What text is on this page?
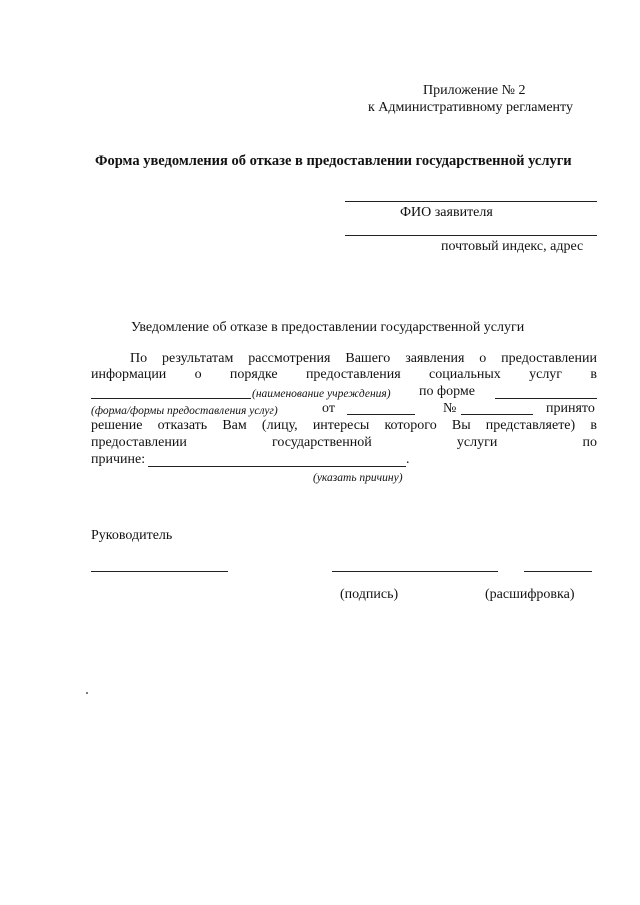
Приложение № 2
к Административному регламенту
Форма уведомления об отказе в предоставлении государственной услуги
ФИО заявителя
почтовый индекс, адрес
Уведомление об отказе в предоставлении государственной услуги
По результатам рассмотрения Вашего заявления о предоставлении
информации о порядке предоставления социальных услуг в
(наименование учреждения) по форме
(форма/формы предоставления услуг)	от	№	принято
решение отказать Вам (лицу, интересы которого Вы представляете) в
предоставлении	государственной	услуги	по
причине:	.
(указать причину)
Руководитель
(подпись)	(расшифровка)
